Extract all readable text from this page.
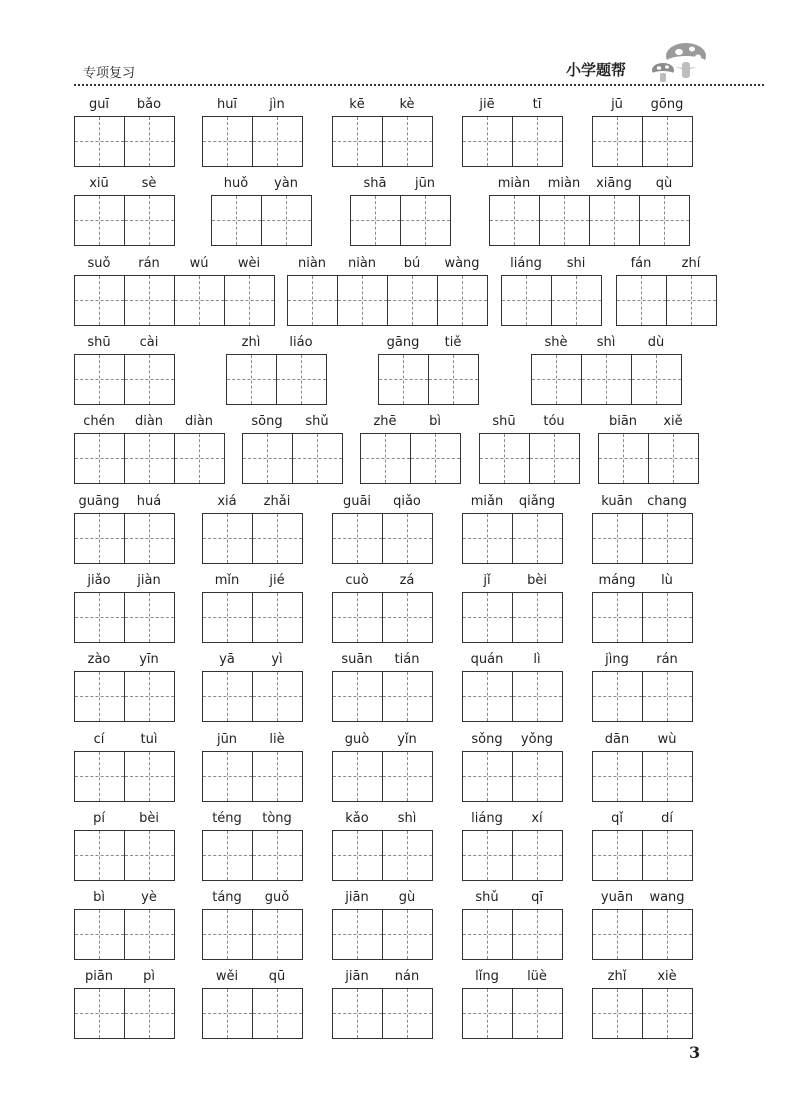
专项复习	小学题帮
guī	bǎo	huī	jìn	kē	kè	jiē	tī	jū	gōng
xiū	sè	huǒ	yàn	shā	jūn	miàn	miàn	xiāng	qù
suǒ	rán	wú	wèi	niàn	niàn	bú	wàng	liáng	shi	fán	zhí
shū	cài	zhì	liáo	gāng	tiě	shè	shì	dù
chén	diàn	diàn	sōng	shǔ	zhē	bì	shū	tóu	biān	xiě
guāng	huá	xiá	zhǎi	guāi	qiǎo	miǎn	qiǎng	kuān	chang
jiǎo	jiàn	mǐn	jié	cuò	zá	jǐ	bèi	máng	lù
zào	yīn	yā	yì	suān	tián	quán	lì	jìng	rán
cí	tuì	jūn	liè	guò	yǐn	sǒng	yǒng	dān	wù
pí	bèi	téng	tòng	kǎo	shì	liáng	xí	qǐ	dí
bì	yè	táng	guǒ	jiān	gù	shǔ	qī	yuān	wang
piān	pì	wěi	qū	jiān	nán	lǐng	lüè	zhǐ	xiè
3
